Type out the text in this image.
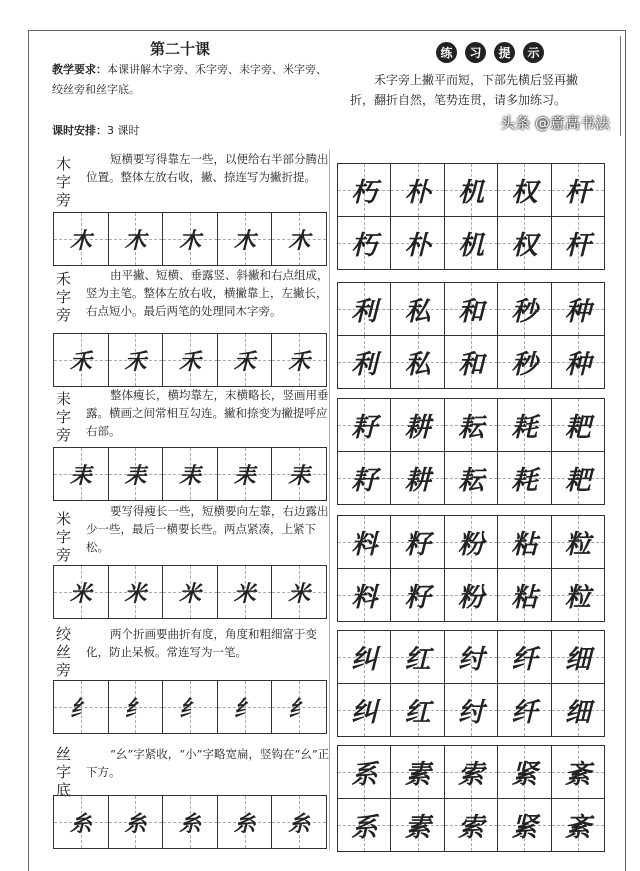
第二十课
教学要求：本课讲解木字旁、禾字旁、耒字旁、米字旁、绞丝旁和丝字底。
课时安排：3 课时
练	习	提	示
禾字旁上撇平而短，下部先横后竖再撇折，翻折自然，笔势连贯，请多加练习。
木字旁
短横要写得靠左一些，以便给右半部分腾出位置。整体左放右收，撇、捺连写为撇折提。
木 木 木 木 木
朽 朴 机 权 杆
朽 朴 机 权 杆
禾字旁
由平撇、短横、垂露竖、斜撇和右点组成，竖为主笔。整体左放右收，横撇靠上，左撇长，右点短小。最后两笔的处理同木字旁。
禾 禾 禾 禾 禾
利 私 和 秒 种
利 私 和 秒 种
耒字旁
整体瘦长，横均靠左，末横略长，竖画用垂露。横画之间常相互勾连。撇和捺变为撇提呼应右部。
耒 耒 耒 耒 耒
耔 耕 耘 耗 耙
耔 耕 耘 耗 耙
米字旁
要写得瘦长一些，短横要向左靠，右边露出少一些，最后一横要长些。两点紧凑，上紧下松。
米 米 米 米 米
料 籽 粉 粘 粒
料 籽 粉 粘 粒
绞丝旁
两个折画要曲折有度，角度和粗细富于变化，防止呆板。常连写为一笔。
纟 纟 纟 纟 纟
纠 红 纣 纤 细
纠 红 纣 纤 细
丝字底
“幺”字紧收，“小”字略宽扁，竖钩在“幺”正下方。
糸 糸 糸 糸 糸
系 素 索 紧 紊
系 素 索 紧 紊
头条 @意高书法
